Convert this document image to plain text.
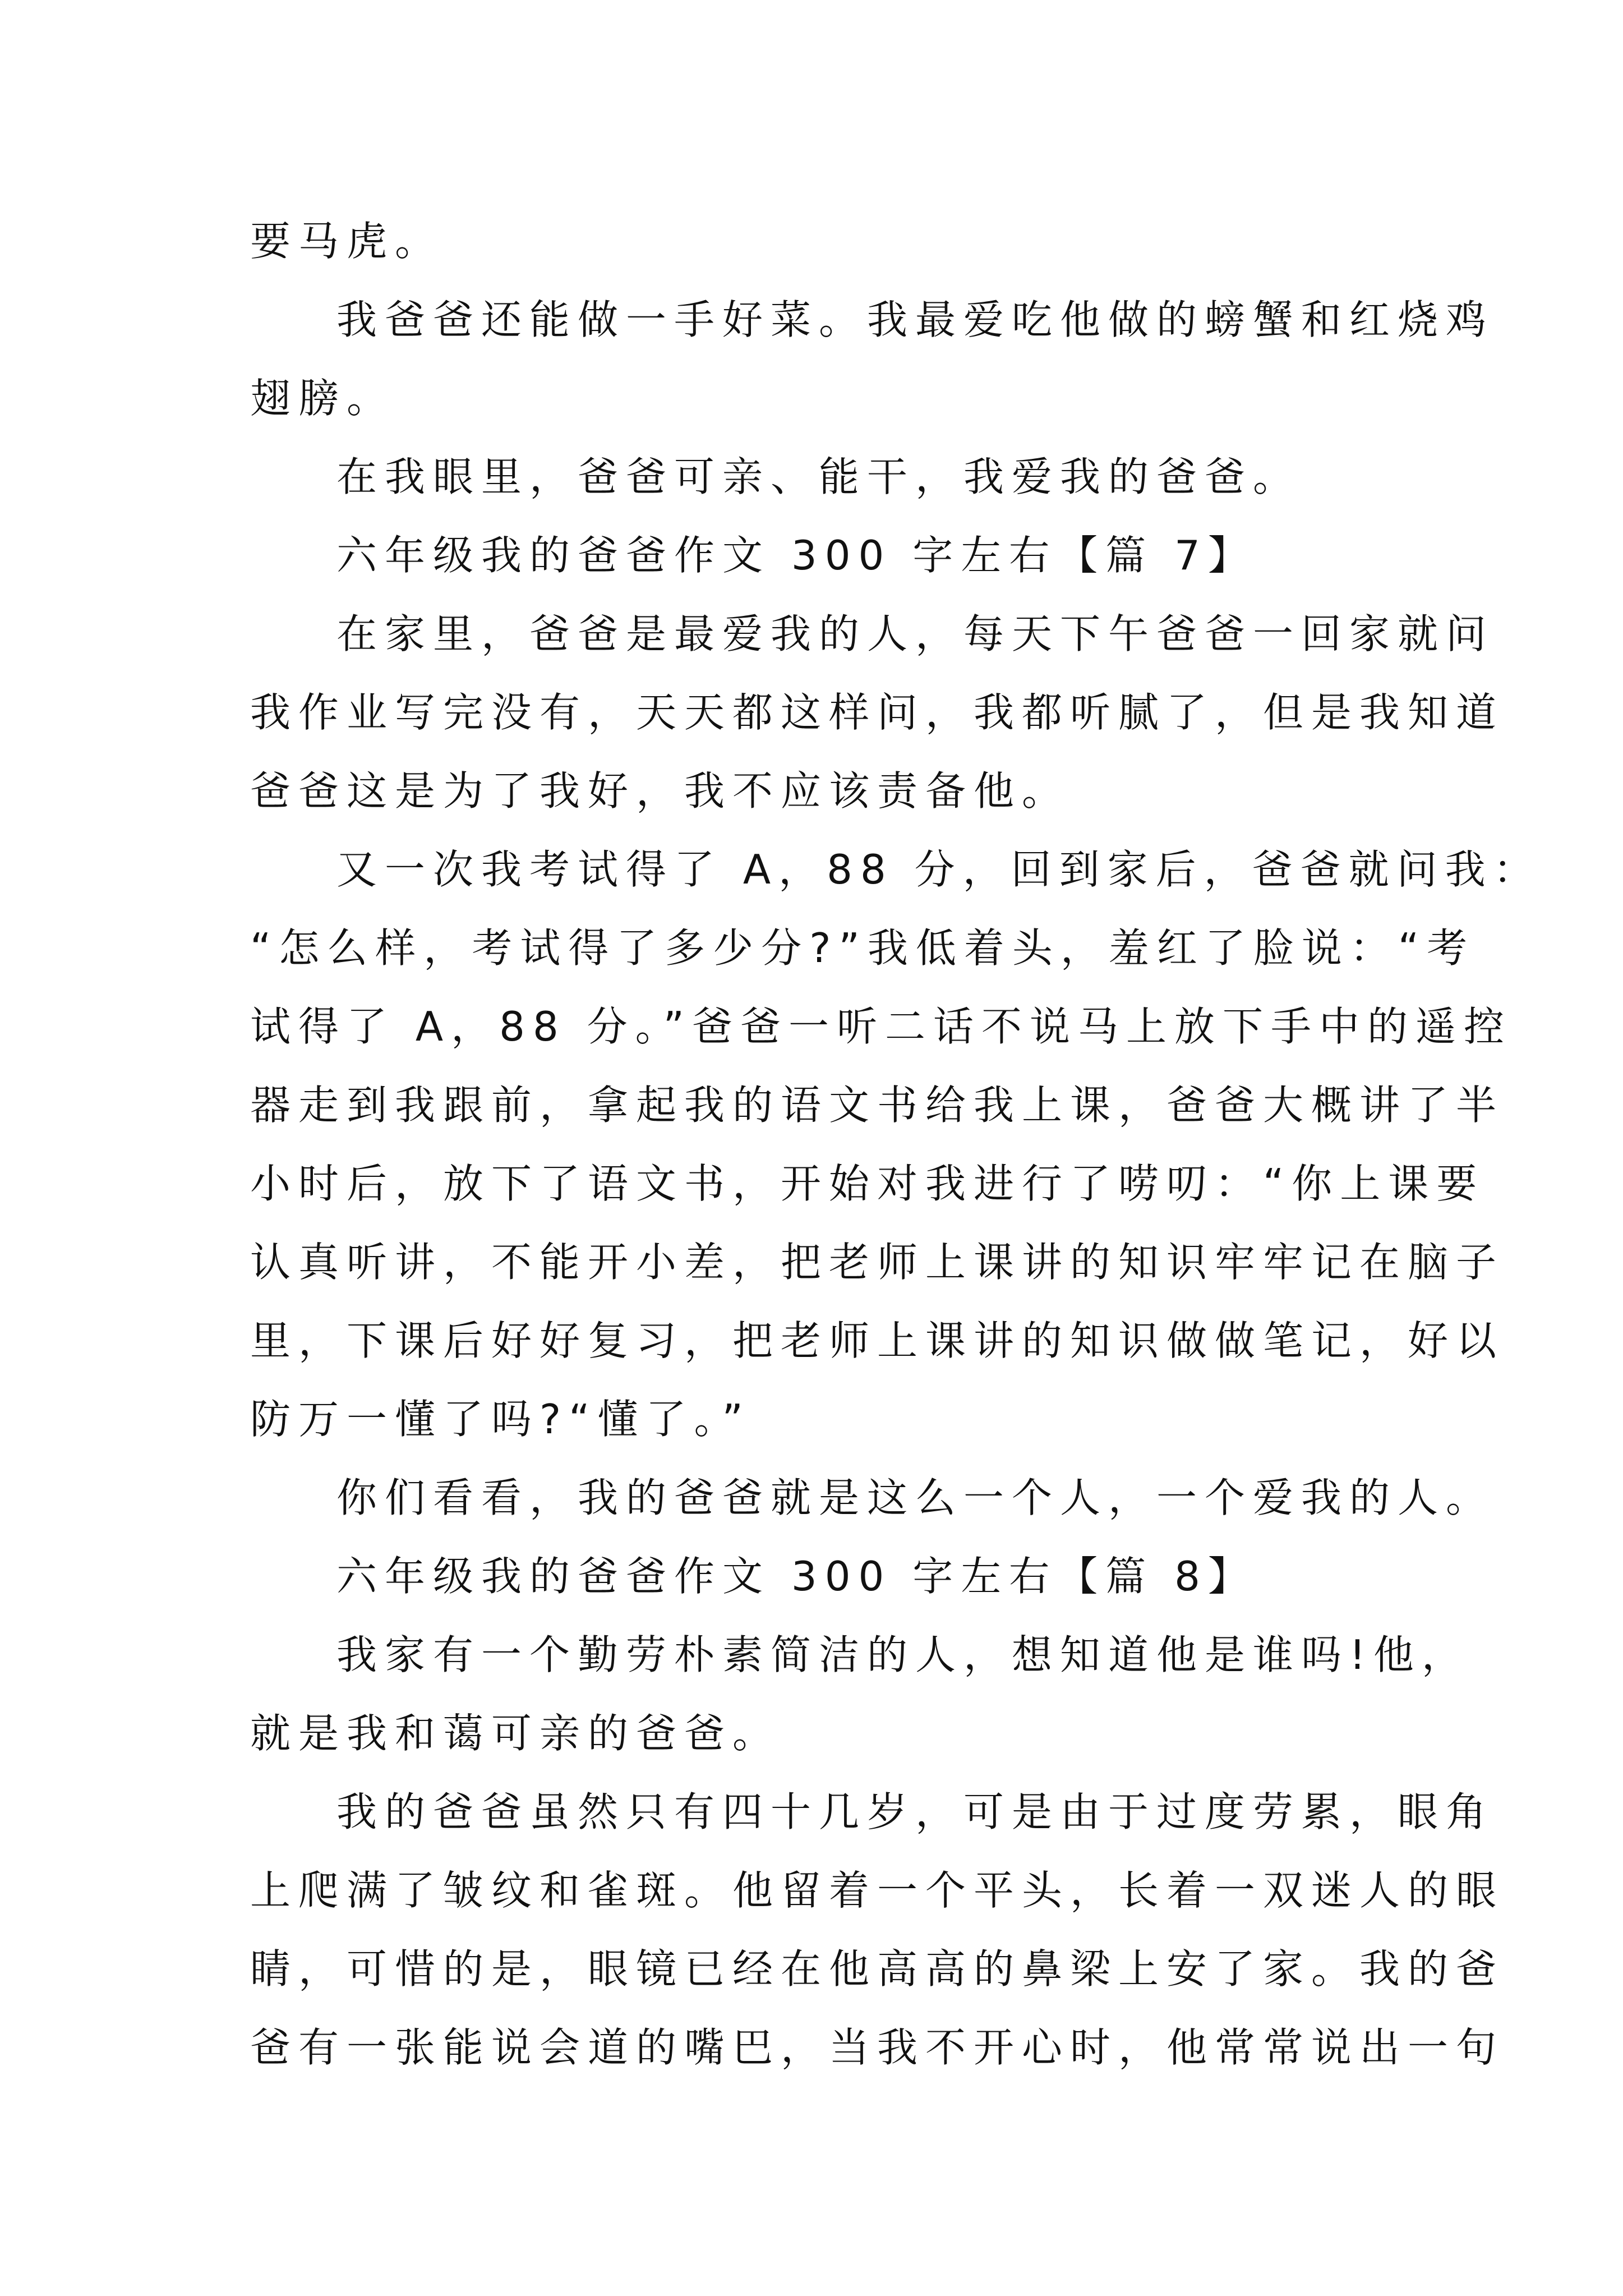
要马虎。

我爸爸还能做一手好菜。我最爱吃他做的螃蟹和红烧鸡

翅膀。

在我眼里，爸爸可亲、能干，我爱我的爸爸。

六年级我的爸爸作文 300 字左右【篇 7】

在家里，爸爸是最爱我的人，每天下午爸爸一回家就问

我作业写完没有，天天都这样问，我都听腻了，但是我知道

爸爸这是为了我好，我不应该责备他。

又一次我考试得了 A，88 分，回到家后，爸爸就问我：

“怎么样，考试得了多少分?”我低着头，羞红了脸说：“考

试得了 A，88 分。”爸爸一听二话不说马上放下手中的遥控

器走到我跟前，拿起我的语文书给我上课，爸爸大概讲了半

小时后，放下了语文书，开始对我进行了唠叨：“你上课要

认真听讲，不能开小差，把老师上课讲的知识牢牢记在脑子

里，下课后好好复习，把老师上课讲的知识做做笔记，好以

防万一懂了吗?“懂了。”

你们看看，我的爸爸就是这么一个人，一个爱我的人。

六年级我的爸爸作文 300 字左右【篇 8】

我家有一个勤劳朴素简洁的人，想知道他是谁吗!他，

就是我和蔼可亲的爸爸。

我的爸爸虽然只有四十几岁，可是由于过度劳累，眼角

上爬满了皱纹和雀斑。他留着一个平头，长着一双迷人的眼

睛，可惜的是，眼镜已经在他高高的鼻梁上安了家。我的爸

爸有一张能说会道的嘴巴，当我不开心时，他常常说出一句
